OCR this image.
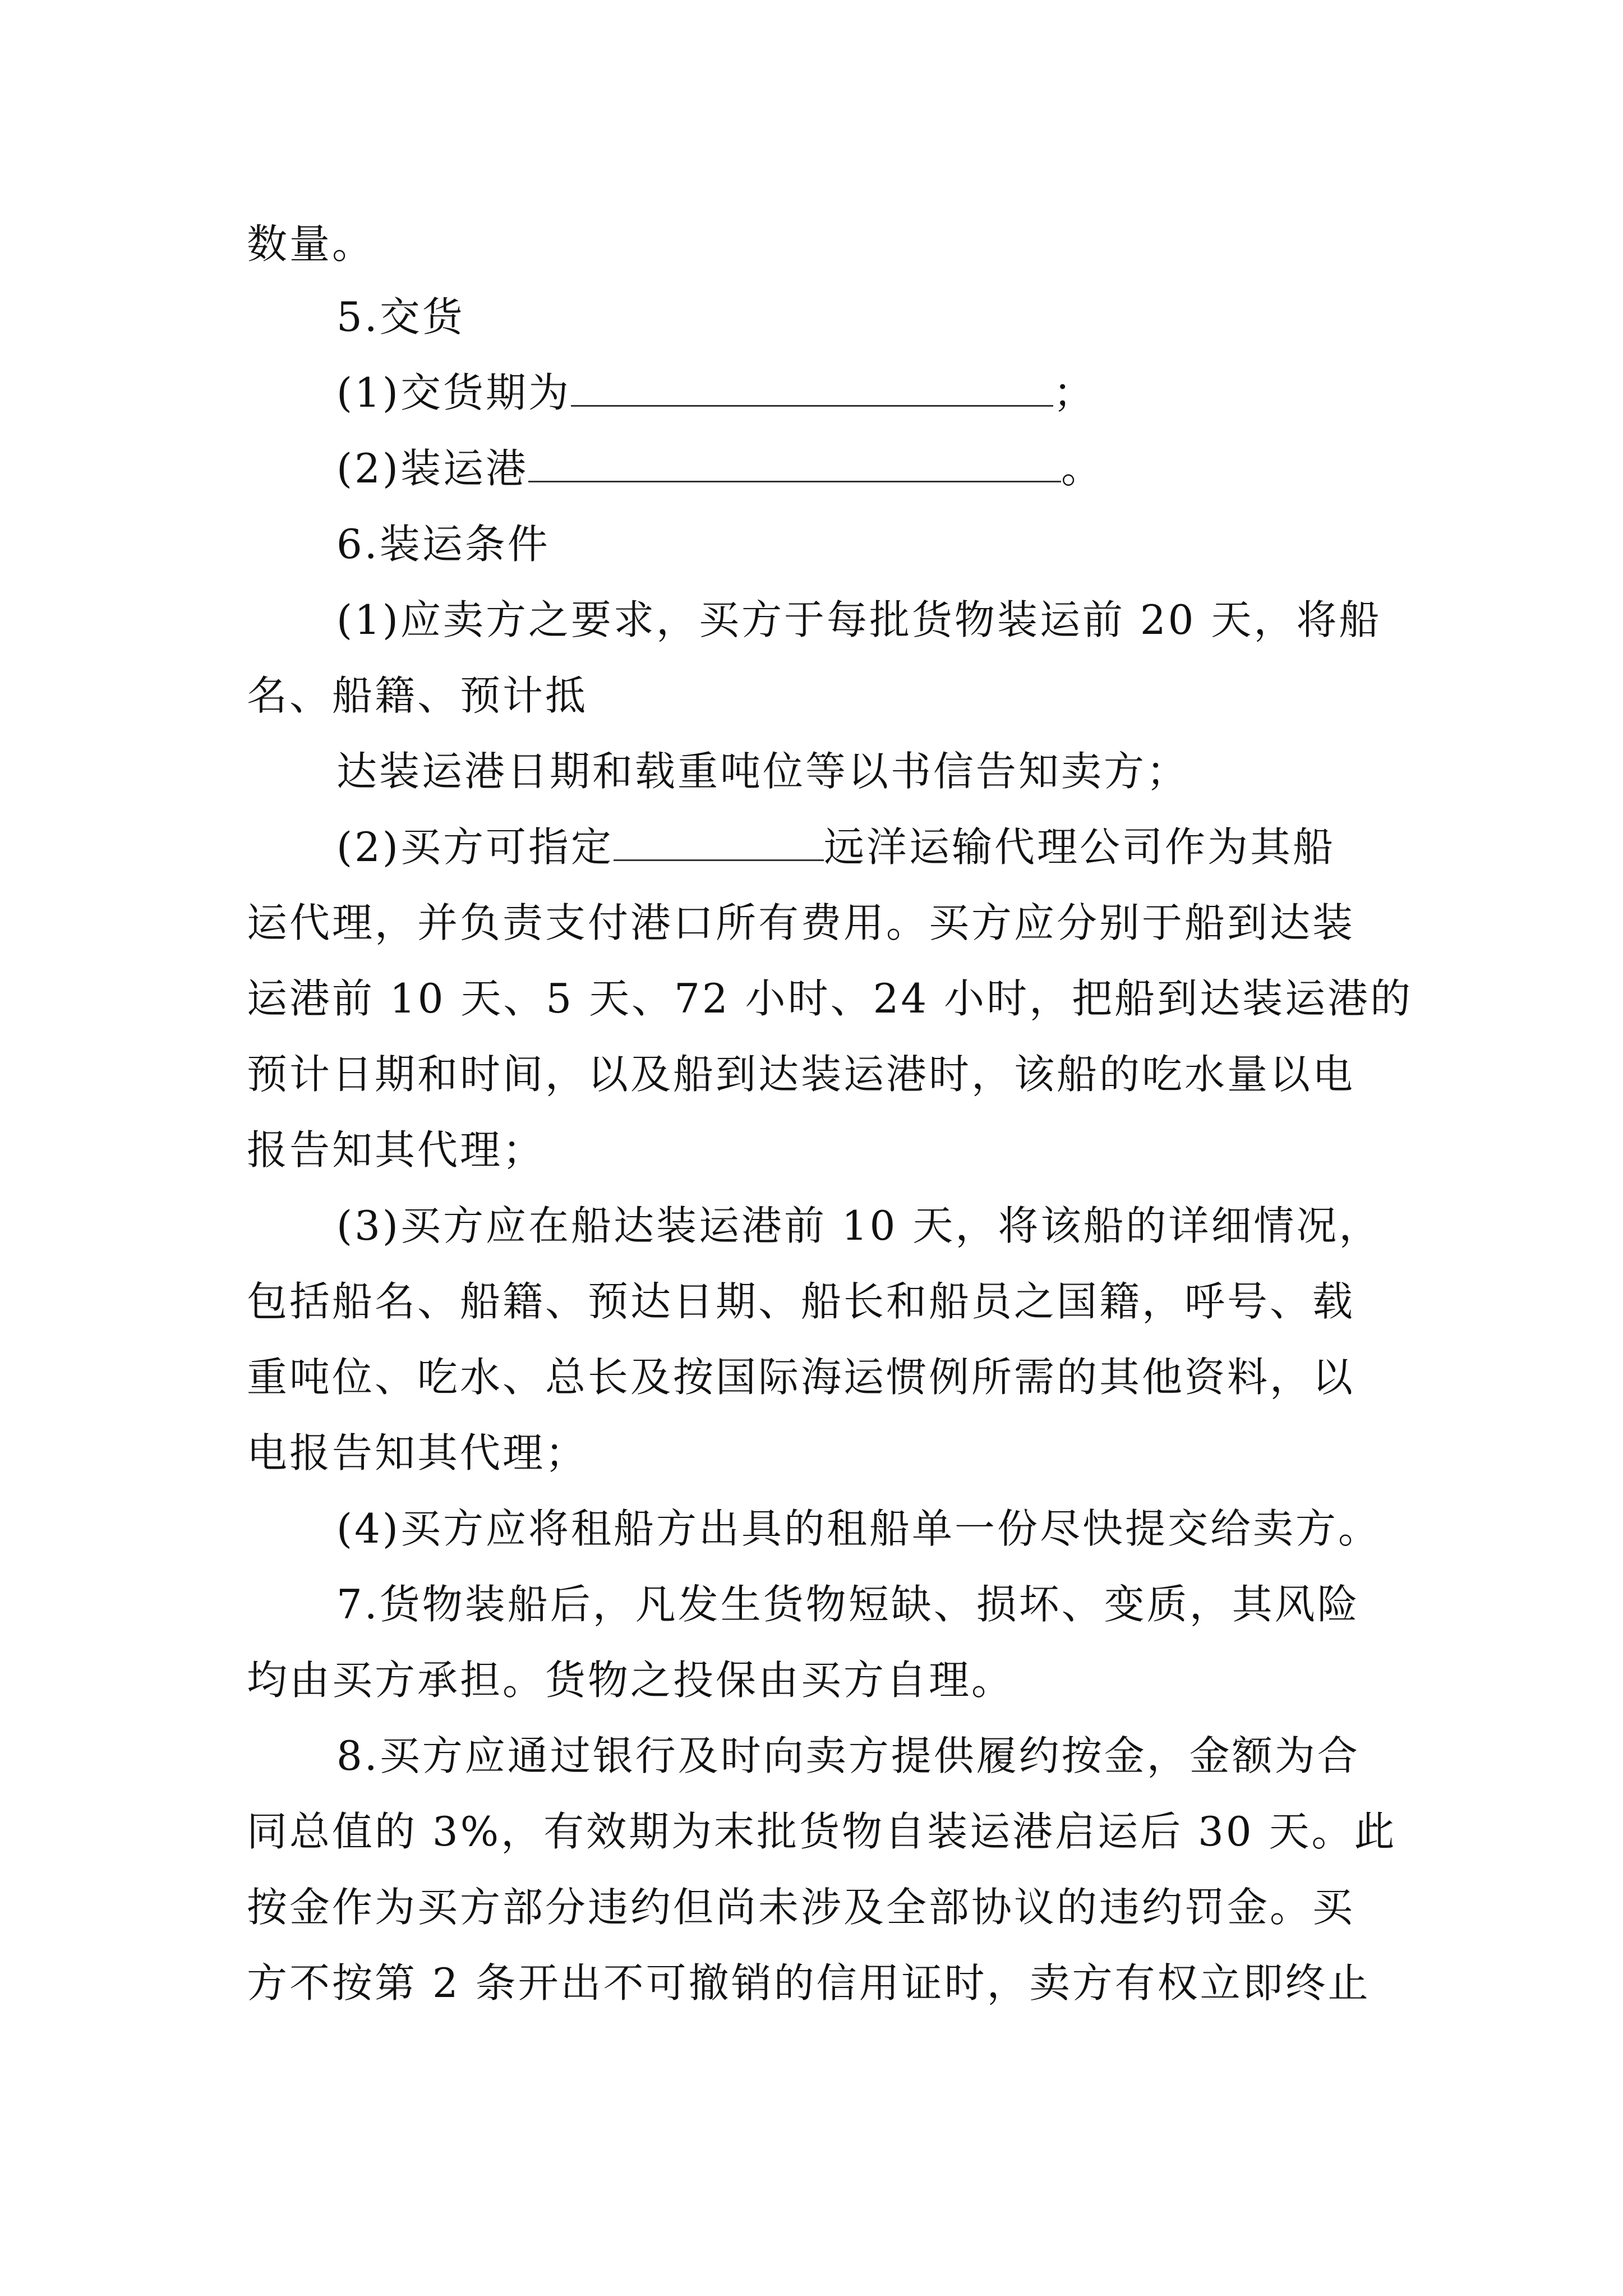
数量。
5.交货
(1)交货期为	；
(2)装运港	。
6.装运条件
(1)应卖方之要求，买方于每批货物装运前 20 天，将船
名、船籍、预计抵
达装运港日期和载重吨位等以书信告知卖方；
(2)买方可指定	远洋运输代理公司作为其船
运代理，并负责支付港口所有费用。买方应分别于船到达装
运港前 10 天、5 天、72 小时、24 小时，把船到达装运港的
预计日期和时间，以及船到达装运港时，该船的吃水量以电
报告知其代理；
(3)买方应在船达装运港前 10 天，将该船的详细情况，
包括船名、船籍、预达日期、船长和船员之国籍，呼号、载
重吨位、吃水、总长及按国际海运惯例所需的其他资料，以
电报告知其代理；
(4)买方应将租船方出具的租船单一份尽快提交给卖方。
7.货物装船后，凡发生货物短缺、损坏、变质，其风险
均由买方承担。货物之投保由买方自理。
8.买方应通过银行及时向卖方提供履约按金，金额为合
同总值的 3%，有效期为末批货物自装运港启运后 30 天。此
按金作为买方部分违约但尚未涉及全部协议的违约罚金。买
方不按第 2 条开出不可撤销的信用证时，卖方有权立即终止
